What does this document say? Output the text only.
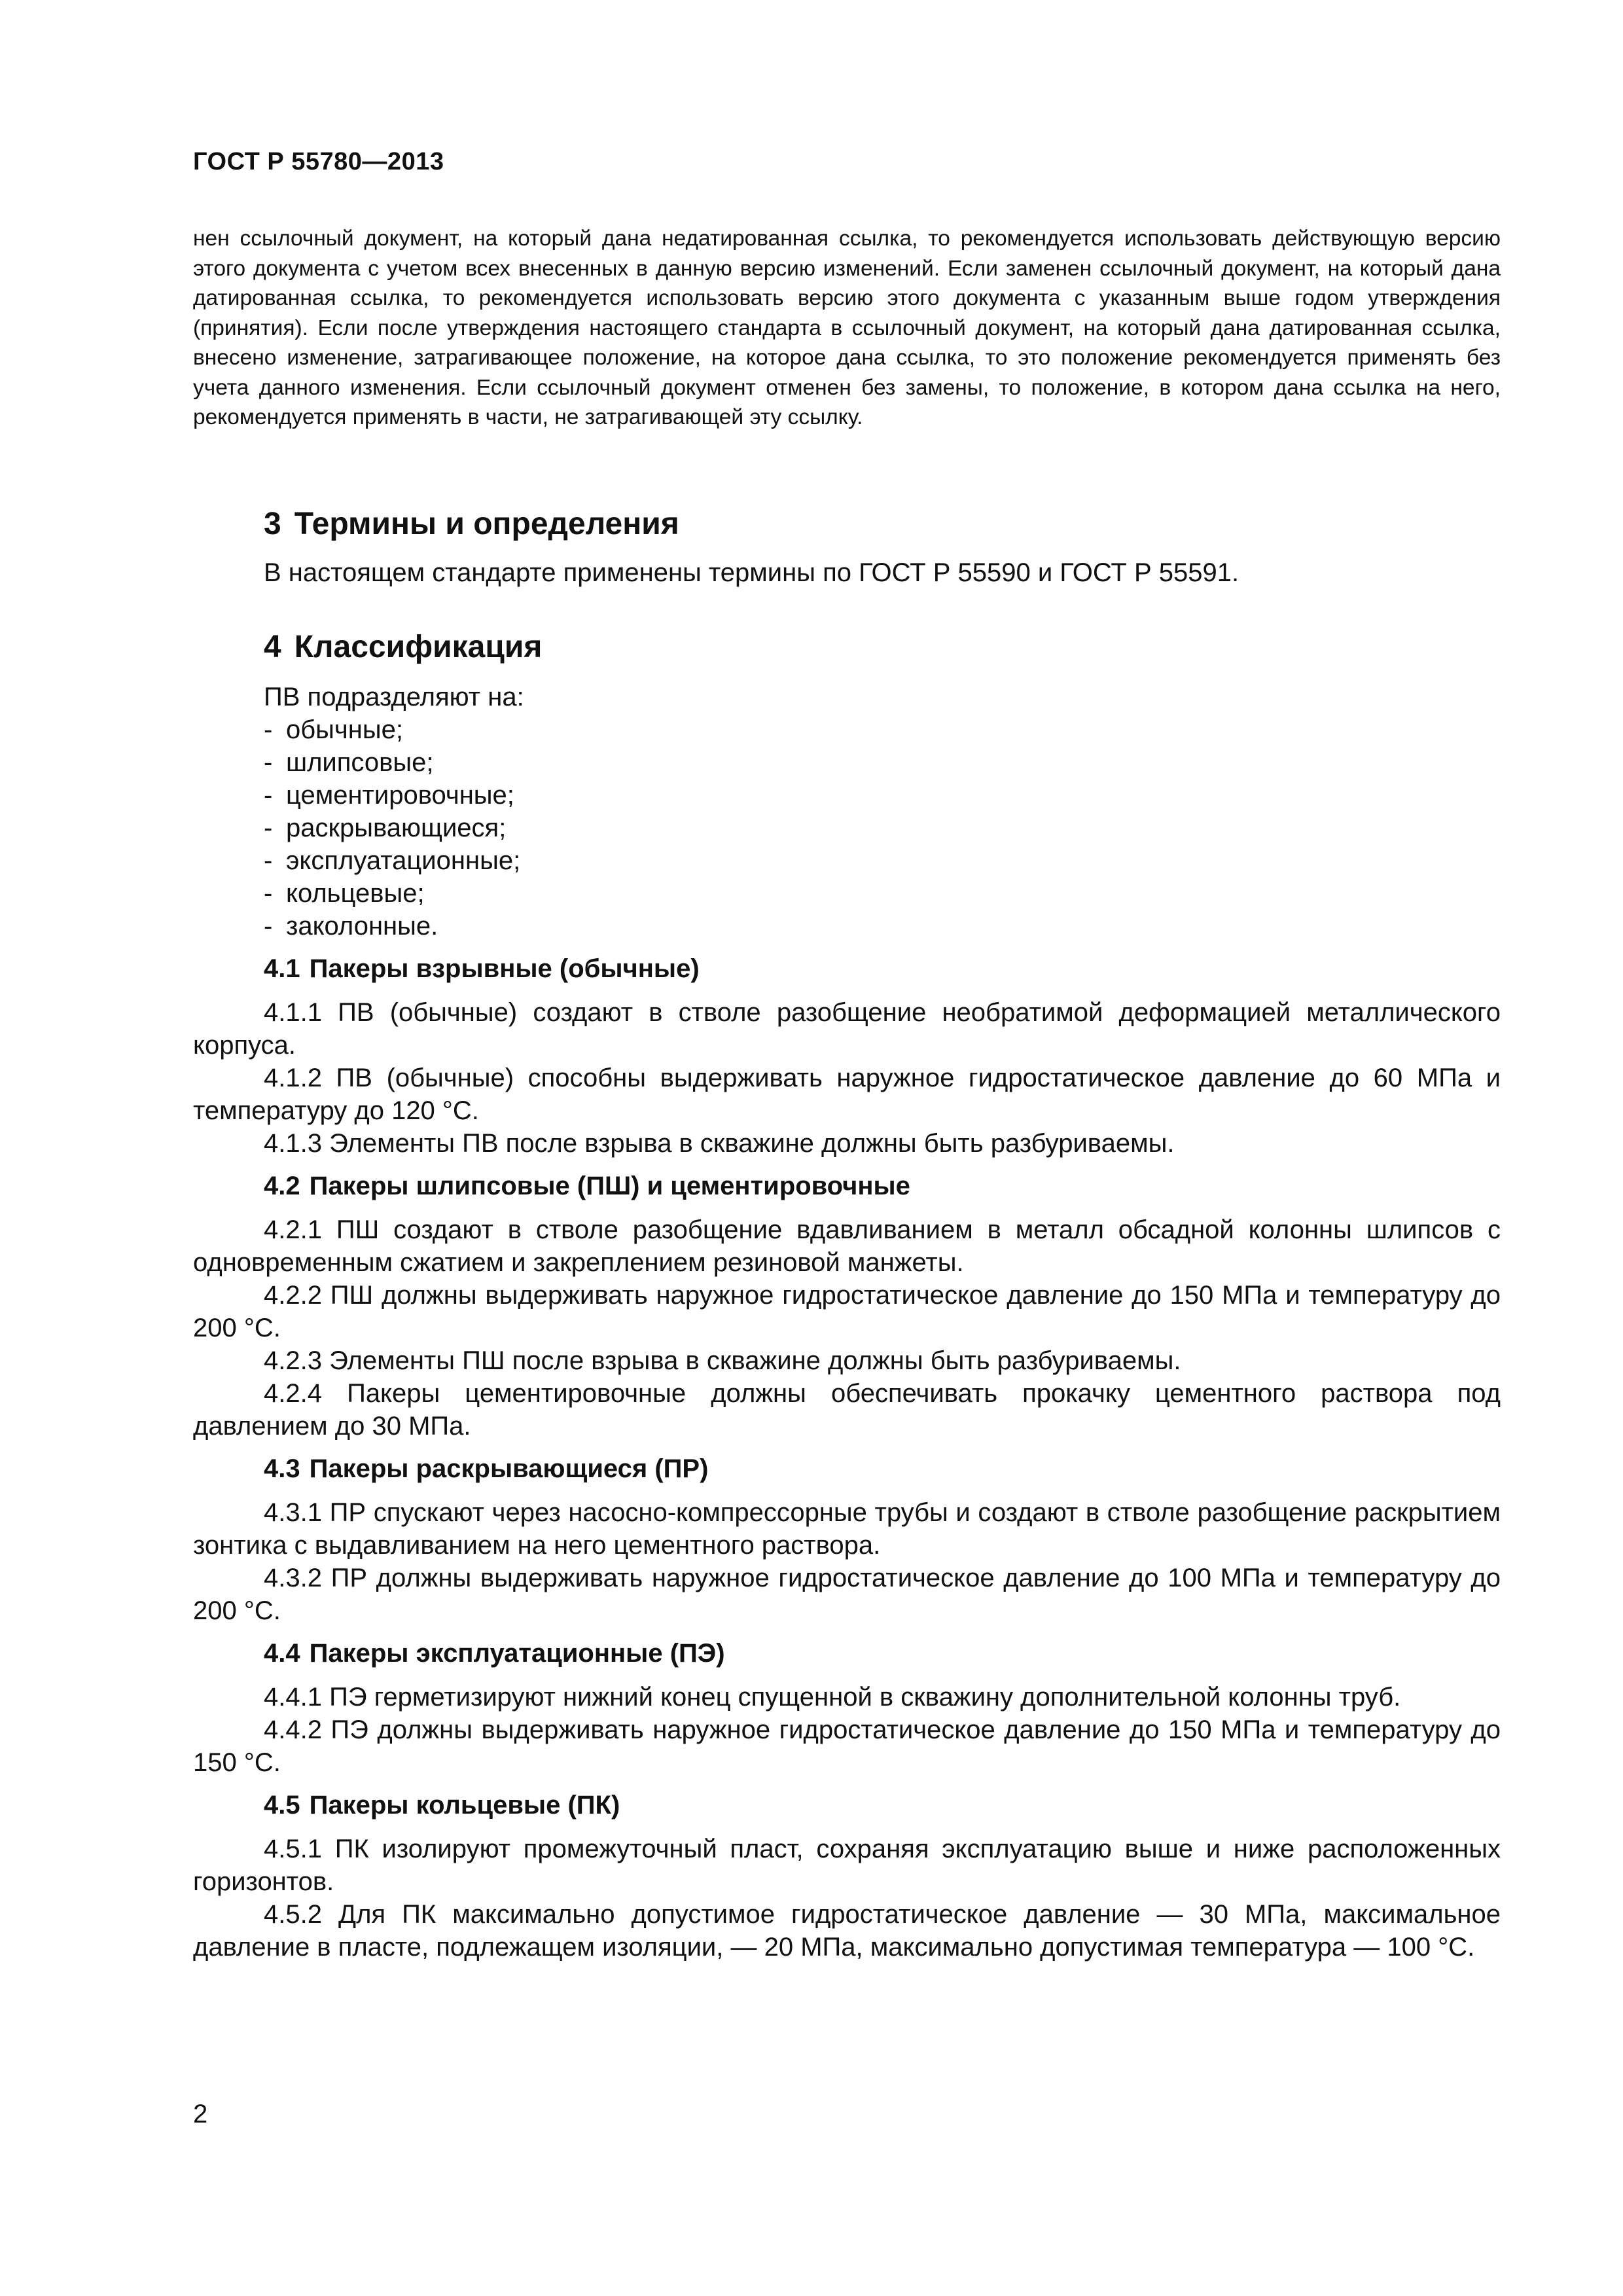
ГОСТ Р 55780—2013

нен ссылочный документ, на который дана недатированная ссылка, то рекомендуется использовать действующую версию этого документа с учетом всех внесенных в данную версию изменений. Если заменен ссылочный документ, на который дана датированная ссылка, то рекомендуется использовать версию этого документа с указанным выше годом утверждения (принятия). Если после утверждения настоящего стандарта в ссылочный документ, на который дана датированная ссылка, внесено изменение, затрагивающее положение, на которое дана ссылка, то это положение рекомендуется применять без учета данного изменения. Если ссылочный документ отменен без замены, то положение, в котором дана ссылка на него, рекомендуется применять в части, не затрагивающей эту ссылку.

3 Термины и определения

В настоящем стандарте применены термины по ГОСТ Р 55590 и ГОСТ Р 55591.

4 Классификация

ПВ подразделяют на:

- обычные;
- шлипсовые;
- цементировочные;
- раскрывающиеся;
- эксплуатационные;
- кольцевые;
- заколонные.
4.1 Пакеры взрывные (обычные)

4.1.1 ПВ (обычные) создают в стволе разобщение необратимой деформацией металлического корпуса.

4.1.2 ПВ (обычные) способны выдерживать наружное гидростатическое давление до 60 МПа и температуру до 120 °С.

4.1.3 Элементы ПВ после взрыва в скважине должны быть разбуриваемы.

4.2 Пакеры шлипсовые (ПШ) и цементировочные

4.2.1 ПШ создают в стволе разобщение вдавливанием в металл обсадной колонны шлипсов с одновременным сжатием и закреплением резиновой манжеты.

4.2.2 ПШ должны выдерживать наружное гидростатическое давление до 150 МПа и температуру до 200 °С.

4.2.3 Элементы ПШ после взрыва в скважине должны быть разбуриваемы.

4.2.4 Пакеры цементировочные должны обеспечивать прокачку цементного раствора под давлением до 30 МПа.

4.3 Пакеры раскрывающиеся (ПР)

4.3.1 ПР спускают через насосно-компрессорные трубы и создают в стволе разобщение раскрытием зонтика с выдавливанием на него цементного раствора.

4.3.2 ПР должны выдерживать наружное гидростатическое давление до 100 МПа и температуру до 200 °С.

4.4 Пакеры эксплуатационные (ПЭ)

4.4.1 ПЭ герметизируют нижний конец спущенной в скважину дополнительной колонны труб.

4.4.2 ПЭ должны выдерживать наружное гидростатическое давление до 150 МПа и температуру до 150 °С.

4.5 Пакеры кольцевые (ПК)

4.5.1 ПК изолируют промежуточный пласт, сохраняя эксплуатацию выше и ниже расположенных горизонтов.

4.5.2 Для ПК максимально допустимое гидростатическое давление — 30 МПа, максимальное давление в пласте, подлежащем изоляции, — 20 МПа, максимально допустимая температура — 100 °С.

2
